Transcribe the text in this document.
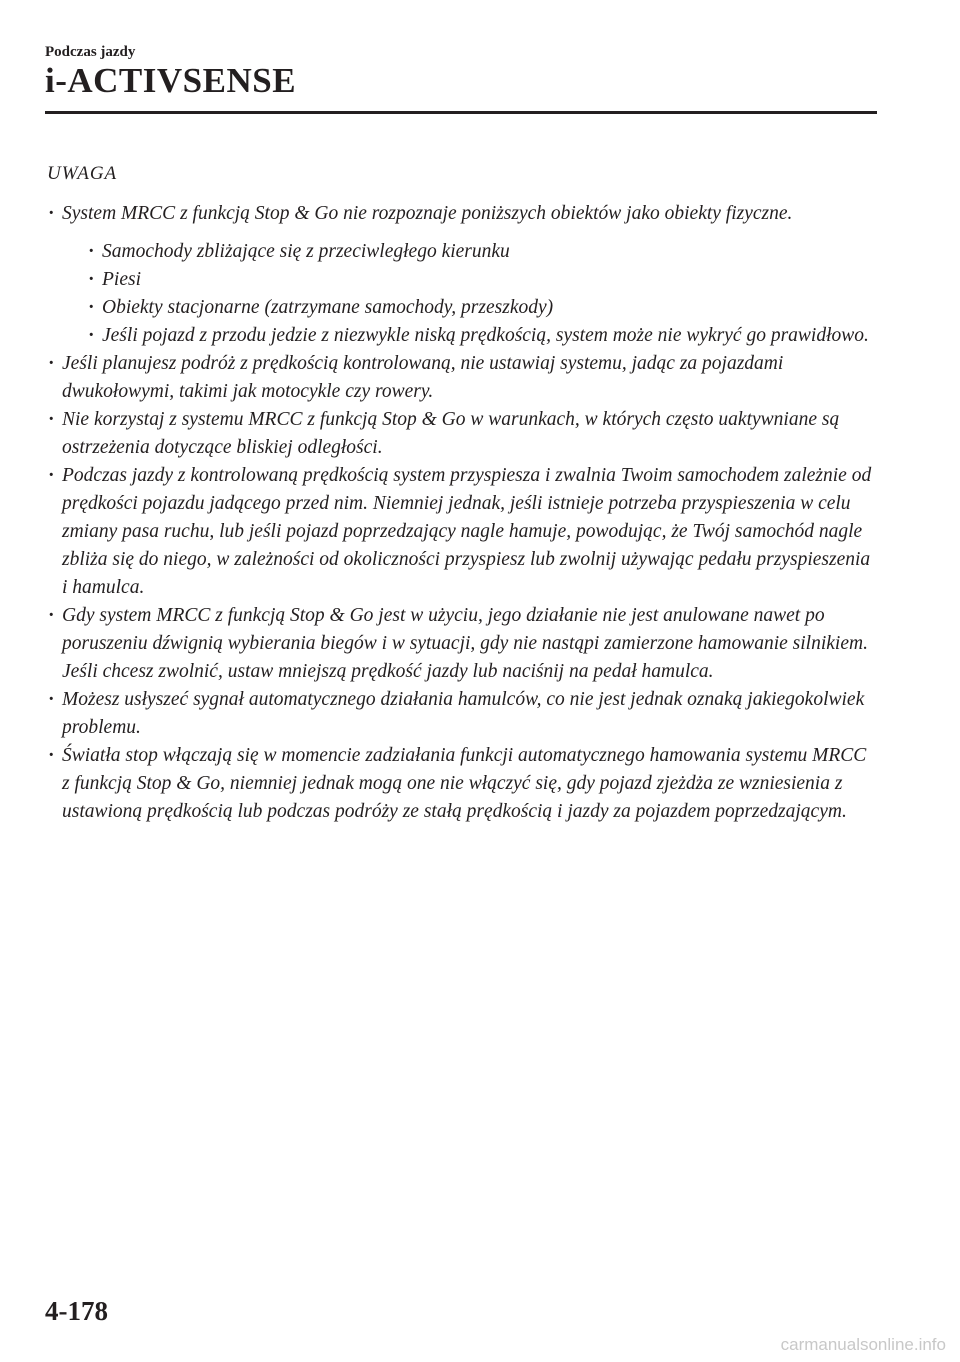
Podczas jazdy
i-ACTIVSENSE
UWAGA
· System MRCC z funkcją Stop & Go nie rozpoznaje poniższych obiektów jako obiekty fizyczne.
· Samochody zbliżające się z przeciwległego kierunku
· Piesi
· Obiekty stacjonarne (zatrzymane samochody, przeszkody)
· Jeśli pojazd z przodu jedzie z niezwykle niską prędkością, system może nie wykryć go prawidłowo.
· Jeśli planujesz podróż z prędkością kontrolowaną, nie ustawiaj systemu, jadąc za pojazdami dwukołowymi, takimi jak motocykle czy rowery.
· Nie korzystaj z systemu MRCC z funkcją Stop & Go w warunkach, w których często uaktywniane są ostrzeżenia dotyczące bliskiej odległości.
· Podczas jazdy z kontrolowaną prędkością system przyspiesza i zwalnia Twoim samochodem zależnie od prędkości pojazdu jadącego przed nim. Niemniej jednak, jeśli istnieje potrzeba przyspieszenia w celu zmiany pasa ruchu, lub jeśli pojazd poprzedzający nagle hamuje, powodując, że Twój samochód nagle zbliża się do niego, w zależności od okoliczności przyspiesz lub zwolnij używając pedału przyspieszenia i hamulca.
· Gdy system MRCC z funkcją Stop & Go jest w użyciu, jego działanie nie jest anulowane nawet po poruszeniu dźwignią wybierania biegów i w sytuacji, gdy nie nastąpi zamierzone hamowanie silnikiem. Jeśli chcesz zwolnić, ustaw mniejszą prędkość jazdy lub naciśnij na pedał hamulca.
· Możesz usłyszeć sygnał automatycznego działania hamulców, co nie jest jednak oznaką jakiegokolwiek problemu.
· Światła stop włączają się w momencie zadziałania funkcji automatycznego hamowania systemu MRCC z funkcją Stop & Go, niemniej jednak mogą one nie włączyć się, gdy pojazd zjeżdża ze wzniesienia z ustawioną prędkością lub podczas podróży ze stałą prędkością i jazdy za pojazdem poprzedzającym.
4-178
carmanualsonline.info
